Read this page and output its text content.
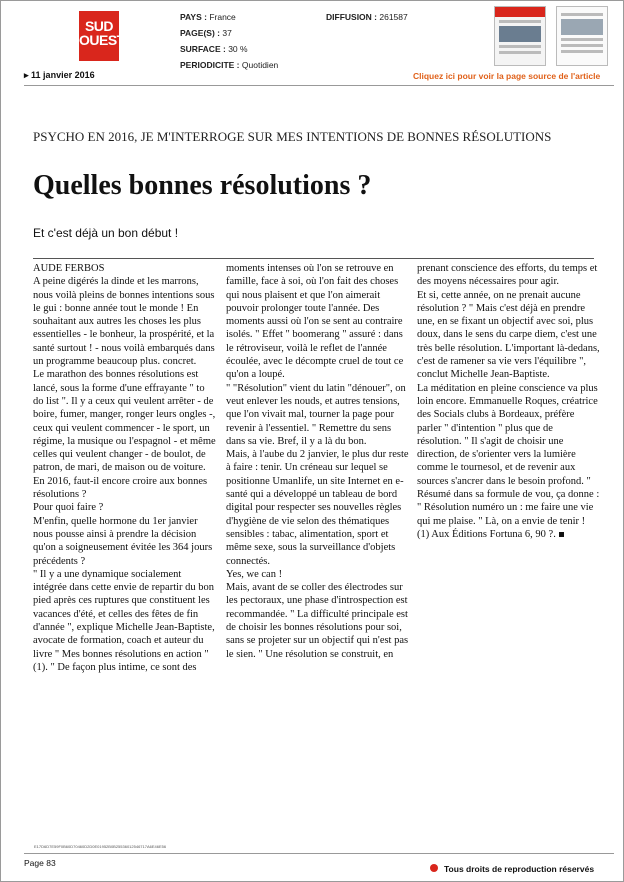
SUD OUEST
PAYS : France
PAGE(S) : 37
SURFACE : 30 %
PERIODICITE : Quotidien
DIFFUSION : 261587
▸ 11 janvier 2016	Cliquez ici pour voir la page source de l'article
PSYCHO EN 2016, JE M'INTERROGE SUR MES INTENTIONS DE BONNES RÉSOLUTIONS
Quelles bonnes résolutions ?
Et c'est déjà un bon début !

AUDE FERBOS

A peine digérés la dinde et les marrons, nous voilà pleins de bonnes intentions sous le gui : bonne année tout le monde ! En souhaitant aux autres les choses les plus essentielles - le bonheur, la prospérité, et la santé surtout ! - nous voilà embarqués dans un programme beaucoup plus. concret.

Le marathon des bonnes résolutions est lancé, sous la forme d'une effrayante " to do list ". Il y a ceux qui veulent arrêter - de boire, fumer, manger, ronger leurs ongles -, ceux qui veulent commencer - le sport, un régime, la musique ou l'espagnol - et même celles qui veulent changer - de boulot, de patron, de mari, de maison ou de voiture. En 2016, faut-il encore croire aux bonnes résolutions ?

Pour quoi faire ?

M'enfin, quelle hormone du 1er janvier nous pousse ainsi à prendre la décision qu'on a soigneusement évitée les 364 jours précédents ?

" Il y a une dynamique socialement intégrée dans cette envie de repartir du bon pied après ces ruptures que constituent les vacances d'été, et celles des fêtes de fin d'année ", explique Michelle Jean-Baptiste, avocate de formation, coach et auteur du livre " Mes bonnes résolutions en action " (1). " De façon plus intime, ce sont des

moments intenses où l'on se retrouve en famille, face à soi, où l'on fait des choses qui nous plaisent et que l'on aimerait pouvoir prolonger toute l'année. Des moments aussi où l'on se sent au contraire isolés. " Effet " boomerang " assuré : dans le rétroviseur, voilà le reflet de l'année écoulée, avec le décompte cruel de tout ce qu'on a loupé.

" "Résolution" vient du latin "dénouer", on veut enlever les nouds, et autres tensions, que l'on vivait mal, tourner la page pour revenir à l'essentiel. " Remettre du sens dans sa vie. Bref, il y a là du bon.

Mais, à l'aube du 2 janvier, le plus dur reste à faire : tenir. Un créneau sur lequel se positionne Umanlife, un site Internet en e-santé qui a développé un tableau de bord digital pour respecter ses nouvelles règles d'hygiène de vie selon des thématiques sensibles : tabac, alimentation, sport et même sexe, sous la surveillance d'objets connectés.

Yes, we can !

Mais, avant de se coller des électrodes sur les pectoraux, une phase d'introspection est recommandée. " La difficulté principale est de choisir les bonnes résolutions pour soi, sans se projeter sur un objectif qui n'est pas le sien. " Une résolution se construit, en

prenant conscience des efforts, du temps et des moyens nécessaires pour agir.

Et si, cette année, on ne prenait aucune résolution ? " Mais c'est déjà en prendre une, en se fixant un objectif avec soi, plus doux, dans le sens du carpe diem, c'est une très belle résolution. L'important là-dedans, c'est de ramener sa vie vers l'équilibre ", conclut Michelle Jean-Baptiste.

La méditation en pleine conscience va plus loin encore. Emmanuelle Roques, créatrice des Socials clubs à Bordeaux, préfère parler " d'intention " plus que de résolution. " Il s'agit de choisir une direction, de s'orienter vers la lumière comme le tournesol, et de revenir aux sources s'ancrer dans le besoin profond. " Résumé dans sa formule de vou, ça donne : " Résolution numéro un : me faire une vie qui me plaise. " Là, on a envie de tenir !

(1) Aux Éditions Fortuna 6, 90 ?.

E17D6D7E59F0B60D70460D2D0E01952B0B25536012546717A6E46E56
Page 83
Tous droits de reproduction réservés
